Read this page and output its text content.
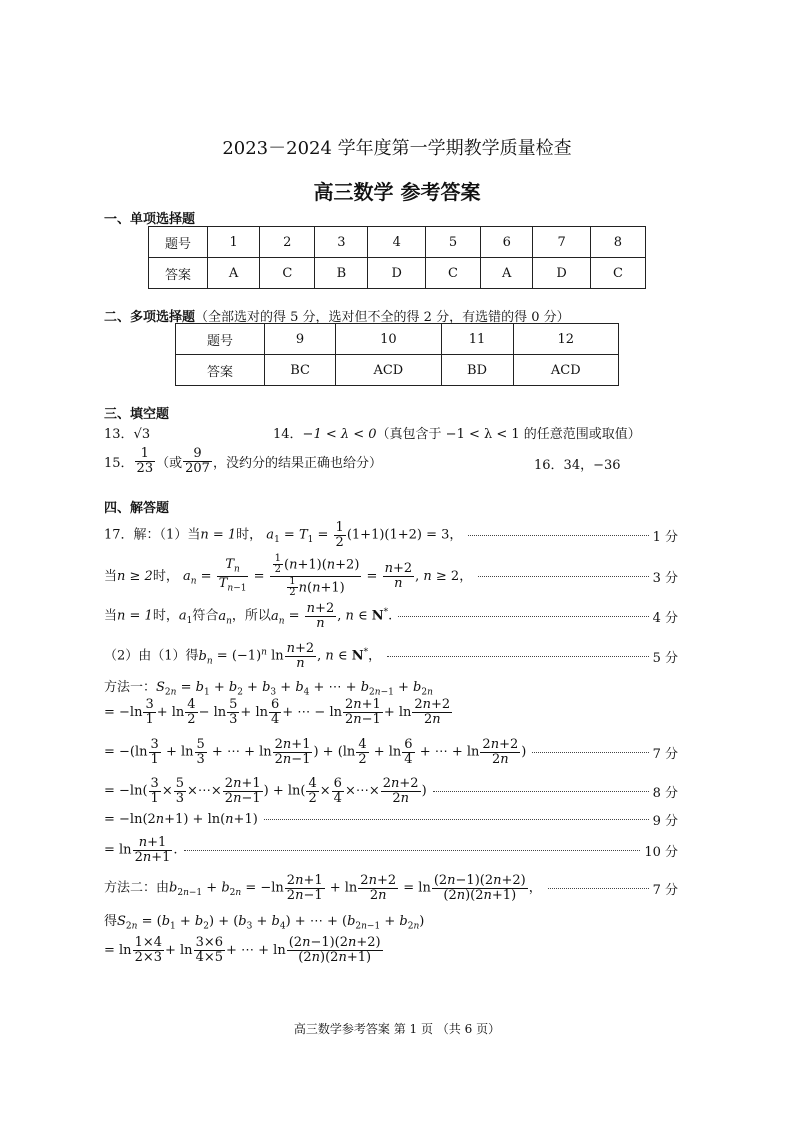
2023－2024 学年度第一学期教学质量检查
高三数学 参考答案
一、单项选择题
题号	1	2	3	4	5	6	7	8
答案	A	C	B	D	C	A	D	C
二、多项选择题（全部选对的得 5 分，选对但不全的得 2 分，有选错的得 0 分）
题号	9	10	11	12
答案	BC	ACD	BD	ACD
三、填空题
13．√3	14．−1 < λ < 0（真包含于 −1 < λ < 1 的任意范围或取值）
15． $\frac{1}{23}$ （或 $\frac{9}{207}$ ，没约分的结果正确也给分）	16．34，−36
四、解答题
17．解：（1）当n = 1时， $a_1 = T_1 = \frac{1}{2} (1+1)(1+2) = 3$，	1 分
当n ≥ 2时， $a_n = \frac{T_n}{T_{n-1}} = \frac{\frac{1}{2} (n+1)(n+2)}{\frac{1}{2} n(n+1)} = \frac{n+2}{n}$ , n ≥ 2，	3 分
当n = 1时，$a_1$符合$a_n$，所以$a_n = \frac{n+2}{n}$ , n ∈ N*.	4 分
（2）由（1）得$b_n = (-1)^n$ $\ln \frac{n+2}{n}$ , n ∈ N*，	5 分
方法一：$S_{2n} = b_1 + b_2 + b_3 + b_4$ + ⋯ + $b_{2n-1} + b_{2n}$
= $-\ln \frac{3}{1} + \ln \frac{4}{2} - \ln \frac{5}{3} + \ln \frac{6}{4}$ + ⋯ − $\ln \frac{2n+1}{2n-1} + \ln \frac{2n+2}{2n}$
= $-(\ln \frac{3}{1} + \ln \frac{5}{3}$ + ⋯ + $\ln \frac{2n+1}{2n-1}$ ) + ($\ln \frac{4}{2} + \ln \frac{6}{4}$ + ⋯ + $\ln \frac{2n+2}{2n}$ )	7 分
= $-\ln( \frac{3}{1} \times \frac{5}{3}$ ×⋯× $\frac{2n+1}{2n-1}$ ) + $\ln( \frac{4}{2} \times \frac{6}{4}$ ×⋯× $\frac{2n+2}{2n}$ )	8 分
= −ln(2n+1) + ln(n+1)	9 分
= $\ln \frac{n+1}{2n+1}$ .	10 分
方法二：由$b_{2n-1} + b_{2n} = -\ln \frac{2n+1}{2n-1} + \ln \frac{2n+2}{2n} = \ln \frac{(2n-1)(2n+2)}{(2n)(2n+1)}$ ，	7 分
得$S_{2n} = (b_1 + b_2) + (b_3 + b_4)$ + ⋯ + $(b_{2n-1} + b_{2n})$
= $\ln \frac{1\times 4}{2\times 3} + \ln \frac{3\times 6}{4\times 5}$ + ⋯ + $\ln \frac{(2n-1)(2n+2)}{(2n)(2n+1)}$
高三数学参考答案 第 1 页 （共 6 页）
